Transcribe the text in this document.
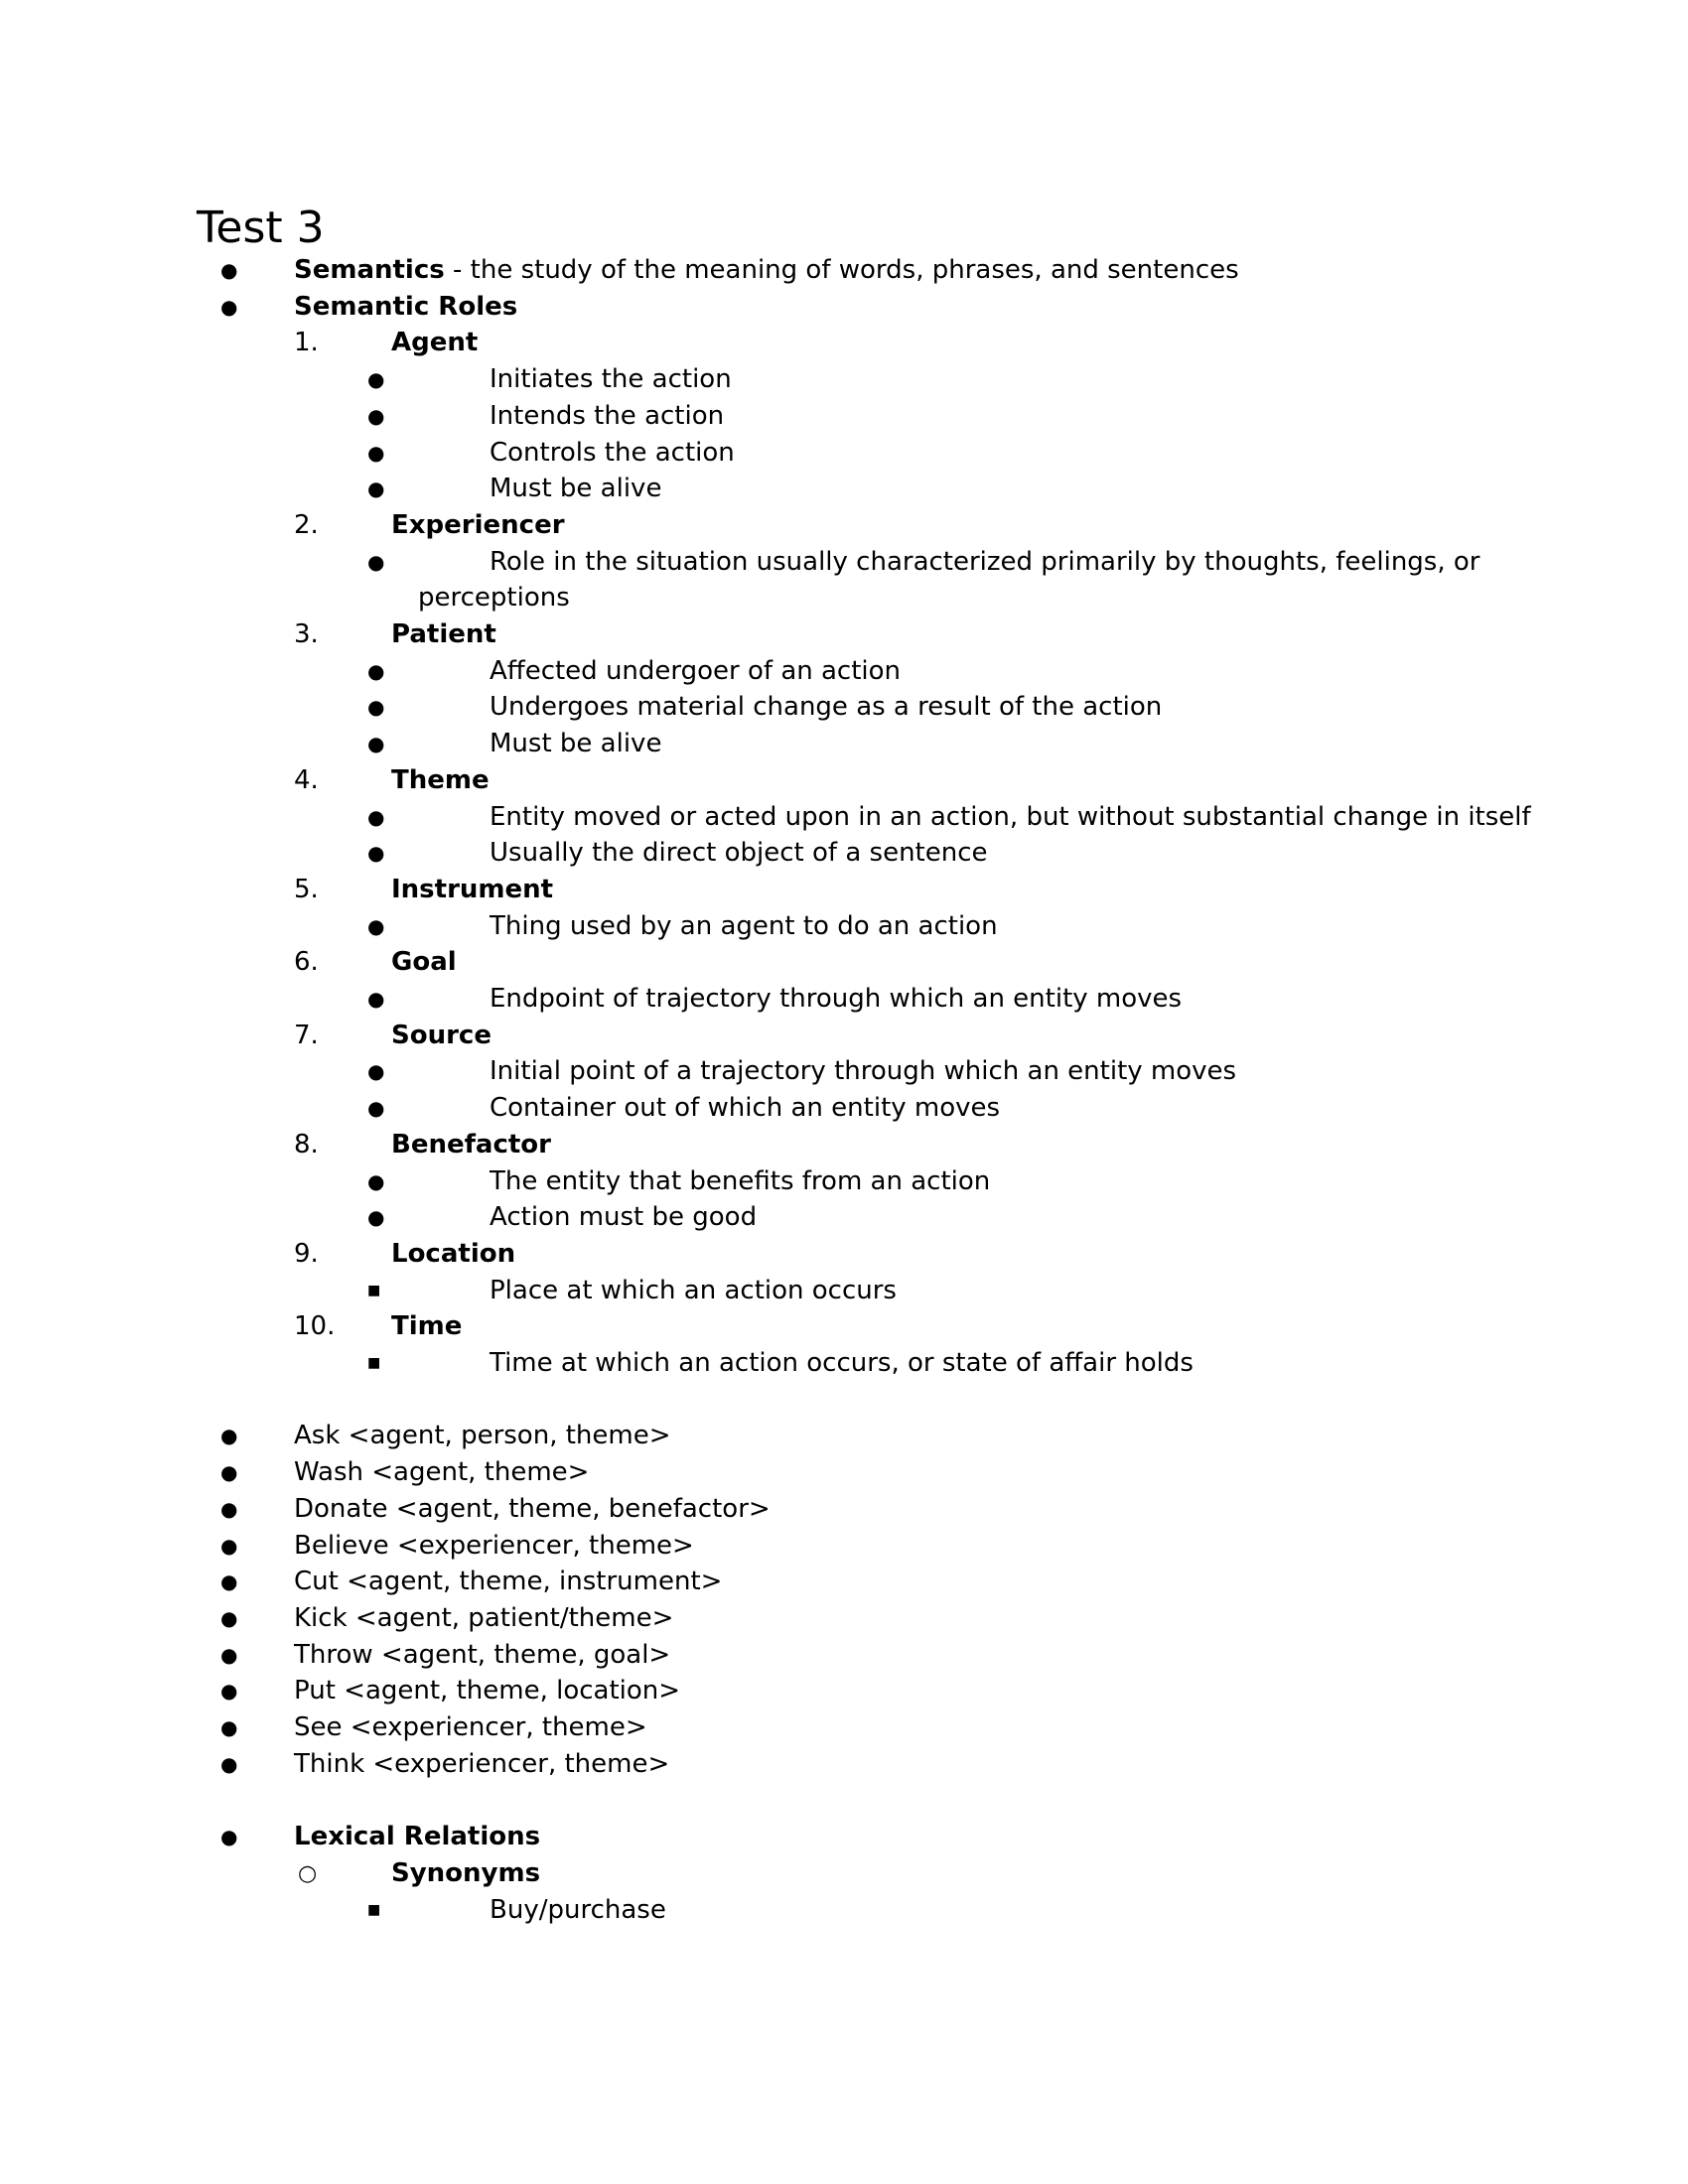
Test 3
● Semantics - the study of the meaning of words, phrases, and sentences
● Semantic Roles
1.	Agent
●	Initiates the action
●	Intends the action
●	Controls the action
●	Must be alive
2.	Experiencer
●	Role in the situation usually characterized primarily by thoughts, feelings, or
perceptions
3.	Patient
●	Affected undergoer of an action
●	Undergoes material change as a result of the action
●	Must be alive
4.	Theme
●	Entity moved or acted upon in an action, but without substantial change in itself
●	Usually the direct object of a sentence
5.	Instrument
●	Thing used by an agent to do an action
6.	Goal
●	Endpoint of trajectory through which an entity moves
7.	Source
●	Initial point of a trajectory through which an entity moves
●	Container out of which an entity moves
8.	Benefactor
●	The entity that benefits from an action
●	Action must be good
9.	Location
■	Place at which an action occurs
10. Time
■	Time at which an action occurs, or state of affair holds
● Ask <agent, person, theme>
● Wash <agent, theme>
● Donate <agent, theme, benefactor>
● Believe <experiencer, theme>
● Cut <agent, theme, instrument>
● Kick <agent, patient/theme>
● Throw <agent, theme, goal>
● Put <agent, theme, location>
● See <experiencer, theme>
● Think <experiencer, theme>
● Lexical Relations
○	Synonyms
■	Buy/purchase
